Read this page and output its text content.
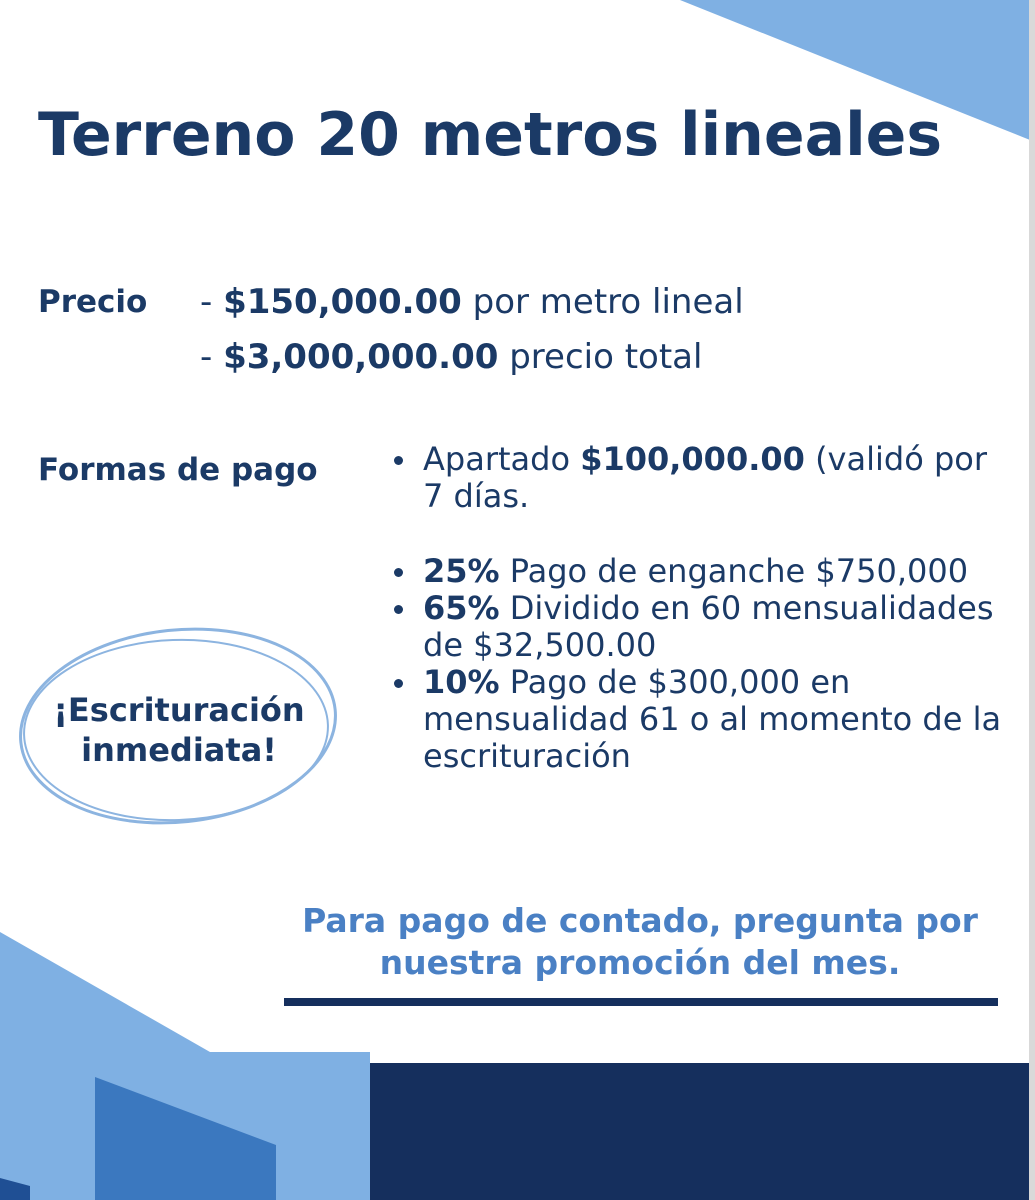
Terreno 20 metros lineales
Precio - $150,000.00 por metro lineal
- $3,000,000.00 precio total
Formas de pago	Apartado $100,000.00 (validó por 7 días.
25% Pago de enganche $750,000
65% Dividido en 60 mensualidades de $32,500.00
10% Pago de $300,000 en mensualidad 61 o al momento de la escrituración
¡Escrituración
inmediata!
Para pago de contado, pregunta por
nuestra promoción del mes.
